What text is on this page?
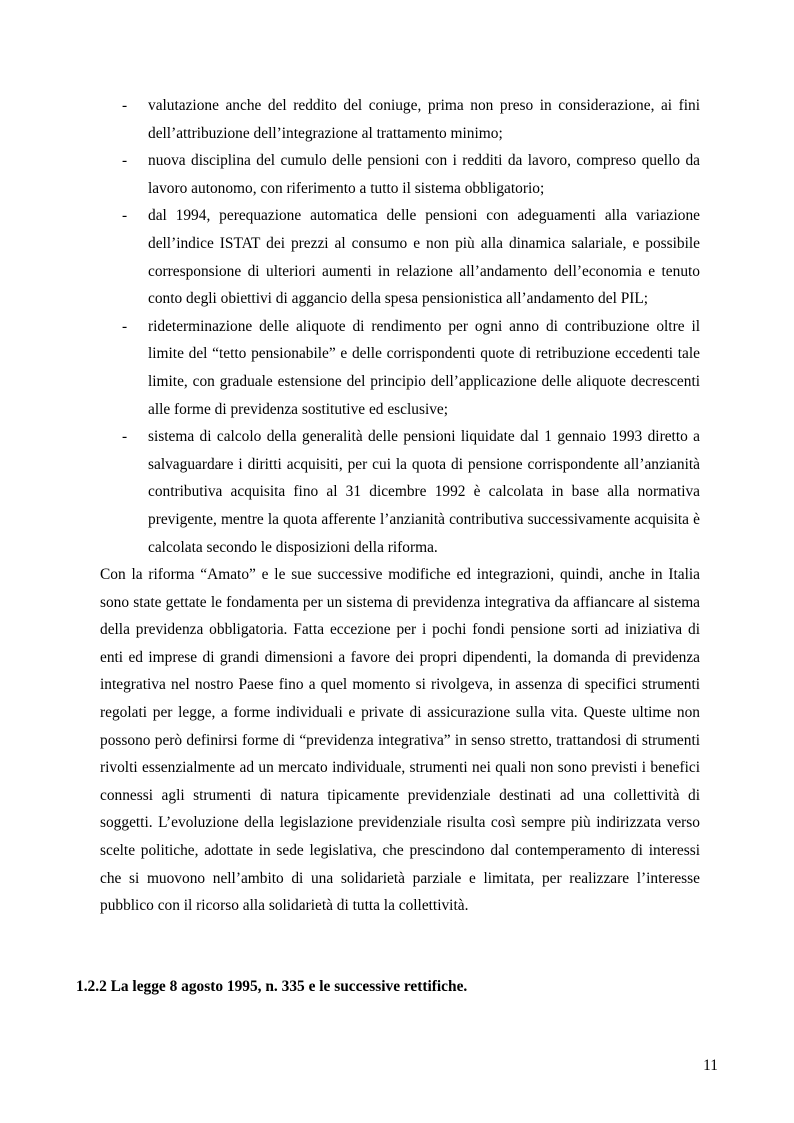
- valutazione anche del reddito del coniuge, prima non preso in considerazione, ai fini dell’attribuzione dell’integrazione al trattamento minimo;
- nuova disciplina del cumulo delle pensioni con i redditi da lavoro, compreso quello da lavoro autonomo, con riferimento a tutto il sistema obbligatorio;
- dal 1994, perequazione automatica delle pensioni con adeguamenti alla variazione dell’indice ISTAT dei prezzi al consumo e non più alla dinamica salariale, e possibile corresponsione di ulteriori aumenti in relazione all’andamento dell’economia e tenuto conto degli obiettivi di aggancio della spesa pensionistica all’andamento del PIL;
- rideterminazione delle aliquote di rendimento per ogni anno di contribuzione oltre il limite del “tetto pensionabile” e delle corrispondenti quote di retribuzione eccedenti tale limite, con graduale estensione del principio dell’applicazione delle aliquote decrescenti alle forme di previdenza sostitutive ed esclusive;
- sistema di calcolo della generalità delle pensioni liquidate dal 1 gennaio 1993 diretto a salvaguardare i diritti acquisiti, per cui la quota di pensione corrispondente all’anzianità contributiva acquisita fino al 31 dicembre 1992 è calcolata in base alla normativa previgente, mentre la quota afferente l’anzianità contributiva successivamente acquisita è calcolata secondo le disposizioni della riforma.

Con la riforma “Amato” e le sue successive modifiche ed integrazioni, quindi, anche in Italia sono state gettate le fondamenta per un sistema di previdenza integrativa da affiancare al sistema della previdenza obbligatoria. Fatta eccezione per i pochi fondi pensione sorti ad iniziativa di enti ed imprese di grandi dimensioni a favore dei propri dipendenti, la domanda di previdenza integrativa nel nostro Paese fino a quel momento si rivolgeva, in assenza di specifici strumenti regolati per legge, a forme individuali e private di assicurazione sulla vita. Queste ultime non possono però definirsi forme di “previdenza integrativa” in senso stretto, trattandosi di strumenti rivolti essenzialmente ad un mercato individuale, strumenti nei quali non sono previsti i benefici connessi agli strumenti di natura tipicamente previdenziale destinati ad una collettività di soggetti. L’evoluzione della legislazione previdenziale risulta così sempre più indirizzata verso scelte politiche, adottate in sede legislativa, che prescindono dal contemperamento di interessi che si muovono nell’ambito di una solidarietà parziale e limitata, per realizzare l’interesse pubblico con il ricorso alla solidarietà di tutta la collettività.

1.2.2 La legge 8 agosto 1995, n. 335 e le successive rettifiche.
11
